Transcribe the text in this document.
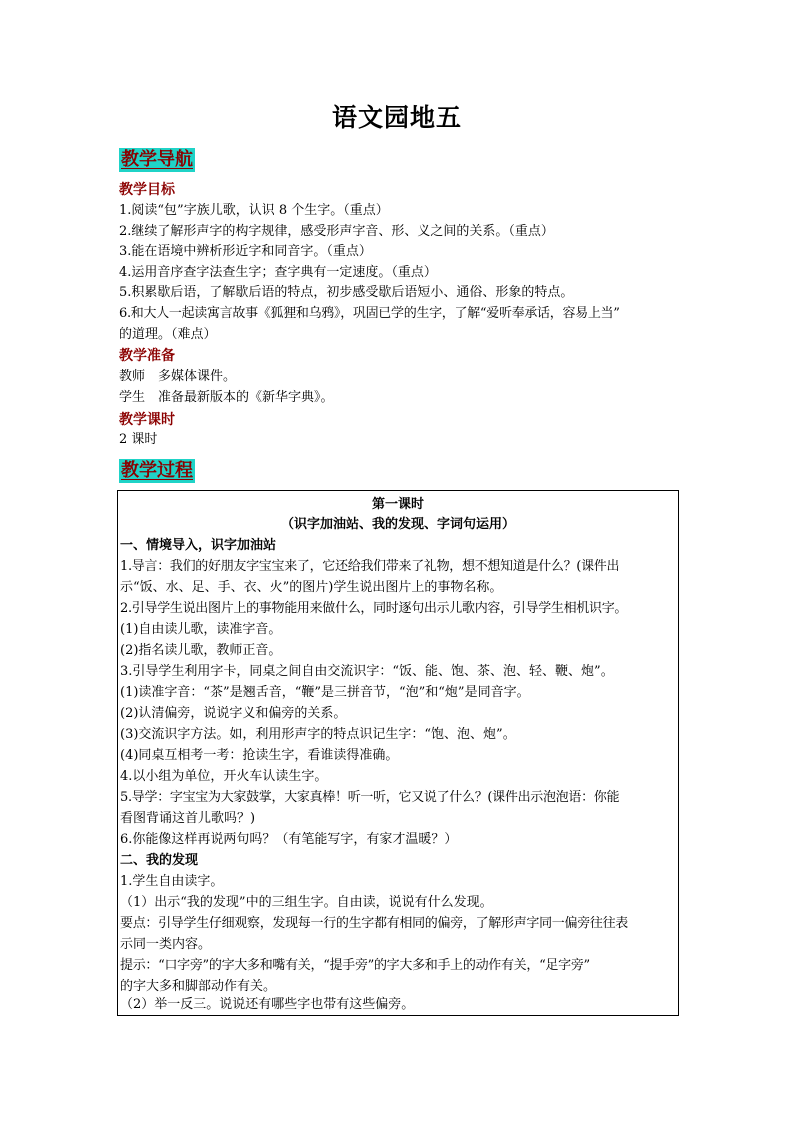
语文园地五
教学导航
教学目标
1.阅读“包”字族儿歌，认识 8 个生字。（重点）
2.继续了解形声字的构字规律，感受形声字音、形、义之间的关系。（重点）
3.能在语境中辨析形近字和同音字。（重点）
4.运用音序查字法查生字；查字典有一定速度。（重点）
5.积累歇后语，了解歇后语的特点，初步感受歇后语短小、通俗、形象的特点。
6.和大人一起读寓言故事《狐狸和乌鸦》，巩固已学的生字，了解“爱听奉承话，容易上当”
的道理。（难点）
教学准备
教师　多媒体课件。
学生　准备最新版本的《新华字典》。
教学课时
2 课时
教学过程
第一课时
（识字加油站、我的发现、字词句运用）
一、情境导入，识字加油站
1.导言：我们的好朋友字宝宝来了，它还给我们带来了礼物，想不想知道是什么？(课件出
示“饭、水、足、手、衣、火”的图片)学生说出图片上的事物名称。
2.引导学生说出图片上的事物能用来做什么，同时逐句出示儿歌内容，引导学生相机识字。
(1)自由读儿歌，读准字音。
(2)指名读儿歌，教师正音。
3.引导学生利用字卡，同桌之间自由交流识字：“饭、能、饱、茶、泡、轻、鞭、炮”。
(1)读准字音：“茶”是翘舌音，“鞭”是三拼音节，“泡”和“炮”是同音字。
(2)认清偏旁，说说字义和偏旁的关系。
(3)交流识字方法。如，利用形声字的特点识记生字：“饱、泡、炮”。
(4)同桌互相考一考：抢读生字，看谁读得准确。
4.以小组为单位，开火车认读生字。
5.导学：字宝宝为大家鼓掌，大家真棒！听一听，它又说了什么？(课件出示泡泡语：你能
看图背诵这首儿歌吗？)
6.你能像这样再说两句吗？（有笔能写字，有家才温暖？）
二、我的发现
1.学生自由读字。
（1）出示“我的发现”中的三组生字。自由读，说说有什么发现。
要点：引导学生仔细观察，发现每一行的生字都有相同的偏旁，了解形声字同一偏旁往往表
示同一类内容。
提示：“口字旁”的字大多和嘴有关，“提手旁”的字大多和手上的动作有关，“足字旁”
的字大多和脚部动作有关。
（2）举一反三。说说还有哪些字也带有这些偏旁。
